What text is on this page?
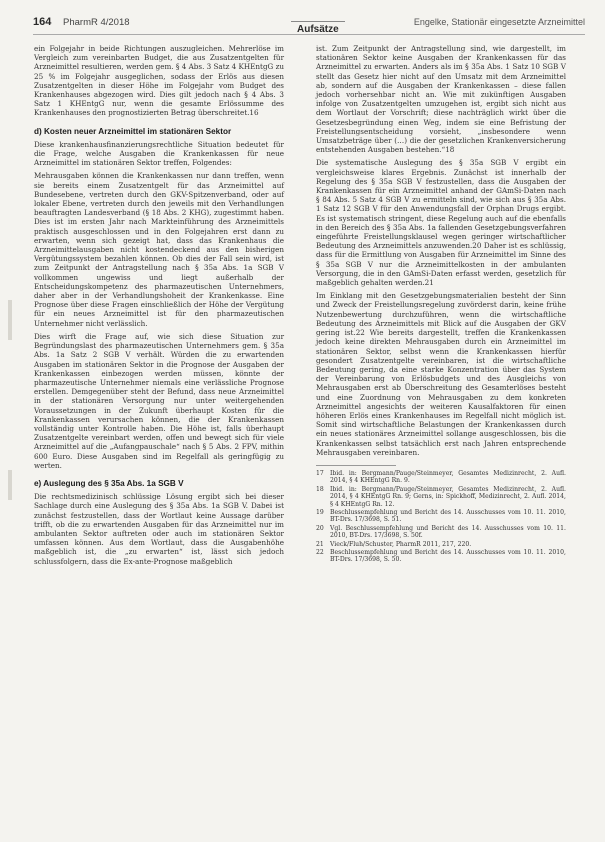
164 PharmR 4/2018
Aufsätze
Engelke, Stationär eingesetzte Arzneimittel

ein Folgejahr in beide Richtungen auszugleichen. Mehrerlöse im Vergleich zum vereinbarten Budget, die aus Zusatzentgelten für Arzneimittel resultieren, werden gem. § 4 Abs. 3 Satz 4 KHEntgG zu 25 % im Folgejahr ausgeglichen, sodass der Erlös aus diesen Zusatzentgelten in dieser Höhe im Folgejahr vom Budget des Krankenhauses abgezogen wird. Dies gilt jedoch nach § 4 Abs. 3 Satz 1 KHEntgG nur, wenn die gesamte Erlössumme des Krankenhauses den prognostizierten Betrag überschreitet.16

d) Kosten neuer Arzneimittel im stationären Sektor

Diese krankenhausfinanzierungsrechtliche Situation bedeutet für die Frage, welche Ausgaben die Krankenkassen für neue Arzneimittel im stationären Sektor treffen, Folgendes:

Mehrausgaben können die Krankenkassen nur dann treffen, wenn sie bereits einem Zusatzentgelt für das Arzneimittel auf Bundesebene, vertreten durch den GKV-Spitzenverband, oder auf lokaler Ebene, vertreten durch den jeweils mit den Verhandlungen beauftragten Landesverband (§ 18 Abs. 2 KHG), zugestimmt haben. Dies ist im ersten Jahr nach Markteinführung des Arzneimittels praktisch ausgeschlossen und in den Folgejahren erst dann zu erwarten, wenn sich gezeigt hat, dass das Krankenhaus die Arzneimittelausgaben nicht kostendeckend aus den bisherigen Vergütungssystem bezahlen können. Ob dies der Fall sein wird, ist zum Zeitpunkt der Antragstellung nach § 35a Abs. 1a SGB V vollkommen ungewiss und liegt außerhalb der Entscheidungskompetenz des pharmazeutischen Unternehmers, daher aber in der Verhandlungshoheit der Krankenkasse. Eine Prognose über diese Fragen einschließlich der Höhe der Vergütung für ein neues Arzneimittel ist für den pharmazeutischen Unternehmer nicht verlässlich.

Dies wirft die Frage auf, wie sich diese Situation zur Begründungslast des pharmazeutischen Unternehmers gem. § 35a Abs. 1a Satz 2 SGB V verhält. Würden die zu erwartenden Ausgaben im stationären Sektor in die Prognose der Ausgaben der Krankenkassen einbezogen werden müssen, könnte der pharmazeutische Unternehmer niemals eine verlässliche Prognose erstellen. Demgegenüber steht der Befund, dass neue Arzneimittel in der stationären Versorgung nur unter weitergehenden Voraussetzungen in der Zukunft überhaupt Kosten für die Krankenkassen verursachen können, die der Krankenkassen vollständig unter Kontrolle haben. Die Höhe ist, falls überhaupt Zusatzentgelte vereinbart werden, offen und bewegt sich für viele Arzneimittel auf die „Aufangpauschale“ nach § 5 Abs. 2 FPV, mithin 600 Euro. Diese Ausgaben sind im Regelfall als geringfügig zu werten.

e) Auslegung des § 35a Abs. 1a SGB V

Die rechtsmedizinisch schlüssige Lösung ergibt sich bei dieser Sachlage durch eine Auslegung des § 35a Abs. 1a SGB V. Dabei ist zunächst festzustellen, dass der Wortlaut keine Aussage darüber trifft, ob die zu erwartenden Ausgaben für das Arzneimittel nur im ambulanten Sektor auftreten oder auch im stationären Sektor umfassen können. Aus dem Wortlaut, dass die Ausgabenhöhe maßgeblich ist, die „zu erwarten“ ist, lässt sich jedoch schlussfolgern, dass die Ex-ante-Prognose maßgeblich

ist. Zum Zeitpunkt der Antragstellung sind, wie dargestellt, im stationären Sektor keine Ausgaben der Krankenkassen für das Arzneimittel zu erwarten. Anders als im § 35a Abs. 1 Satz 10 SGB V stellt das Gesetz hier nicht auf den Umsatz mit dem Arzneimittel ab, sondern auf die Ausgaben der Krankenkassen – diese fallen jedoch vorhersehbar nicht an. Wie mit zukünftigen Ausgaben infolge von Zusatzentgelten umzugehen ist, ergibt sich nicht aus dem Wortlaut der Vorschrift; diese nachträglich wirkt über die Gesetzesbegründung einen Weg, indem sie eine Befristung der Freistellungsentscheidung vorsieht, „insbesondere wenn Umsatzbeträge über (…) die der gesetzlichen Krankenversicherung entstehenden Ausgaben bestehen.“18

Die systematische Auslegung des § 35a SGB V ergibt ein vergleichsweise klares Ergebnis. Zunächst ist innerhalb der Regelung des § 35a SGB V festzustellen, dass die Ausgaben der Krankenkassen für ein Arzneimittel anhand der GAmSi-Daten nach § 84 Abs. 5 Satz 4 SGB V zu ermitteln sind, wie sich aus § 35a Abs. 1 Satz 12 SGB V für den Anwendungsfall der Orphan Drugs ergibt. Es ist systematisch stringent, diese Regelung auch auf die ebenfalls in den Bereich des § 35a Abs. 1a fallenden Gesetzgebungsverfahren eingeführte Freistellungsklausel wegen geringer wirtschaftlicher Bedeutung des Arzneimittels anzuwenden.20 Daher ist es schlüssig, dass für die Ermittlung von Ausgaben für Arzneimittel im Sinne des § 35a SGB V nur die Arzneimittelkosten in der ambulanten Versorgung, die in den GAmSi-Daten erfasst werden, gesetzlich für maßgeblich gehalten werden.21

Im Einklang mit den Gesetzgebungsmaterialien besteht der Sinn und Zweck der Freistellungsregelung zuvörderst darin, keine frühe Nutzenbewertung durchzuführen, wenn die wirtschaftliche Bedeutung des Arzneimittels mit Blick auf die Ausgaben der GKV gering ist.22 Wie bereits dargestellt, treffen die Krankenkassen jedoch keine direkten Mehrausgaben durch ein Arzneimittel im stationären Sektor, selbst wenn die Krankenkassen hierfür gesondert Zusatzentgelte vereinbaren, ist die wirtschaftliche Bedeutung gering, da eine starke Konzentration über das System der Vereinbarung von Erlösbudgets und des Ausgleichs von Mehrausgaben erst ab Überschreitung des Gesamterlöses besteht und eine Zuordnung von Mehrausgaben zu dem konkreten Arzneimittel angesichts der weiteren Kausalfaktoren für einen höheren Erlös eines Krankenhauses im Regelfall nicht möglich ist. Somit sind wirtschaftliche Belastungen der Krankenkassen durch ein neues stationäres Arzneimittel sollange ausgeschlossen, bis die Krankenkassen selbst tatsächlich erst nach Jahren entsprechende Mehrausgaben vereinbaren.

17	Ibid. in: Bergmann/Pauge/Steinmeyer, Gesamtes Medizinrecht, 2. Aufl. 2014, § 4 KHEntgG Rn. 9.
18	Ibid. in: Bergmann/Pauge/Steinmeyer, Gesamtes Medizinrecht, 2. Aufl. 2014, § 4 KHEntgG Rn. 9; Gerns, in: Spickhoff, Medizinrecht, 2. Aufl. 2014, § 4 KHEntgG Rn. 12.
19	Beschlussempfehlung und Bericht des 14. Ausschusses vom 10. 11. 2010, BT-Drs. 17/3698, S. 51.
20	Vgl. Beschlussempfehlung und Bericht des 14. Ausschusses vom 10. 11. 2010, BT-Drs. 17/3698, S. 50f.
21	Vieck/Fluh/Schuster, PharmR 2011, 217, 220.
22	Beschlussempfehlung und Bericht des 14. Ausschusses vom 10. 11. 2010, BT-Drs. 17/3698, S. 50.
